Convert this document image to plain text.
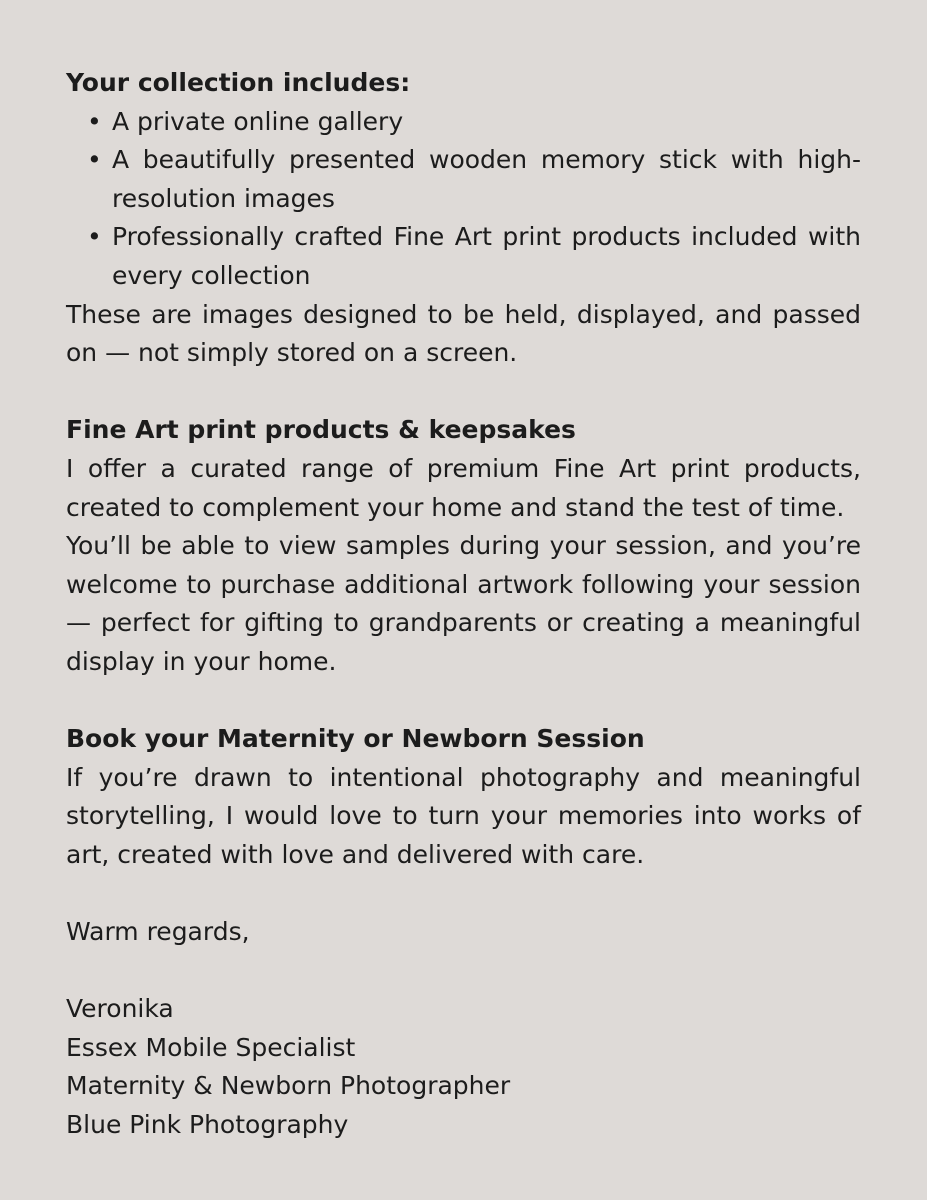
Your collection includes:

• A private online gallery
• A beautifully presented wooden memory stick with high-resolution images
• Professionally crafted Fine Art print products included with every collection

These are images designed to be held, displayed, and passed on — not simply stored on a screen.

Fine Art print products & keepsakes

I offer a curated range of premium Fine Art print products, created to complement your home and stand the test of time.

You’ll be able to view samples during your session, and you’re welcome to purchase additional artwork following your session — perfect for gifting to grandparents or creating a meaningful display in your home.

Book your Maternity or Newborn Session

If you’re drawn to intentional photography and meaningful storytelling, I would love to turn your memories into works of art, created with love and delivered with care.

Warm regards,

Veronika

Essex Mobile Specialist

Maternity & Newborn Photographer

Blue Pink Photography
